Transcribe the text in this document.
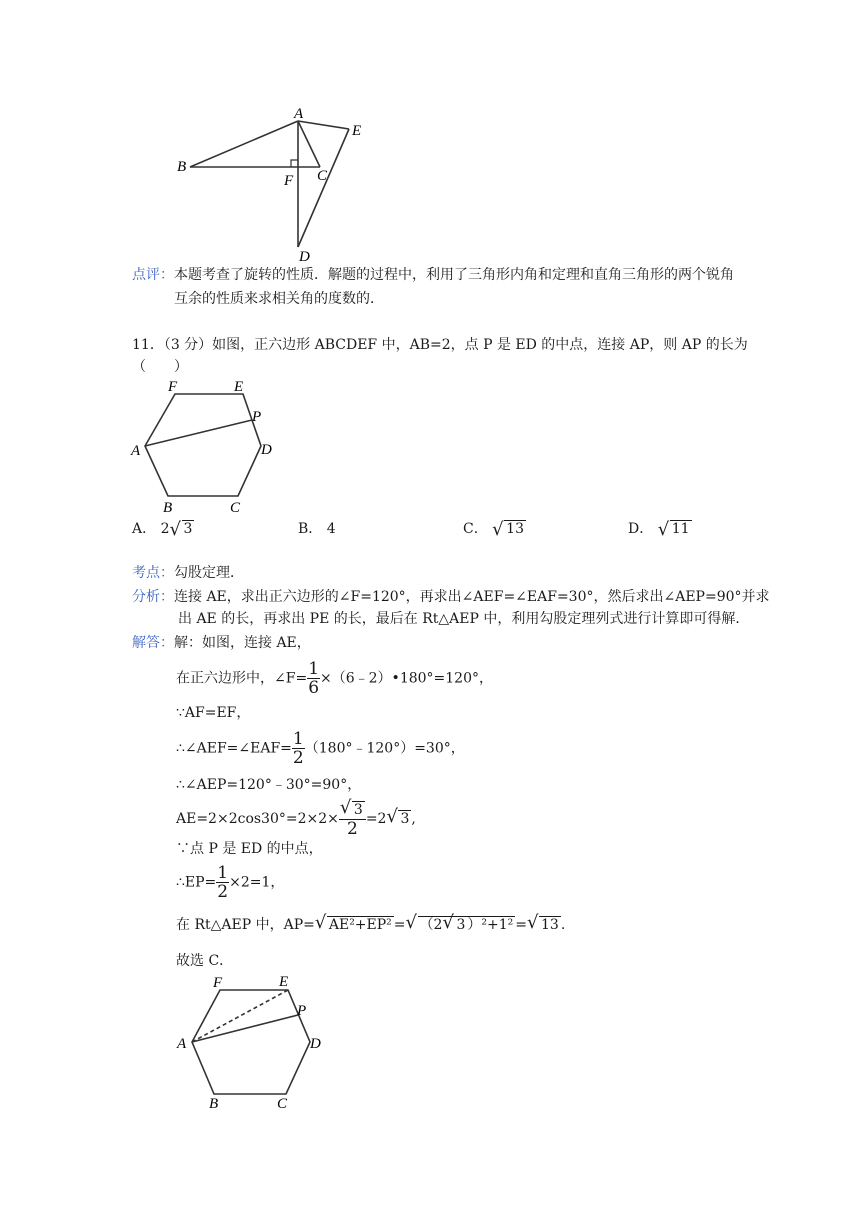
A
B
C
D
E
F
点评：本题考查了旋转的性质．解题的过程中，利用了三角形内角和定理和直角三角形的两个锐角
互余的性质来求相关角的度数的．
11．（3 分）如图，正六边形 ABCDEF 中，AB=2，点 P 是 ED 的中点，连接 AP，则 AP 的长为
（　　）
F	E
P
A	D
B	C
A． 2 √ 3	B． 4	C． √ 13	D． √ 11
考点：勾股定理．
分析：连接 AE，求出正六边形的∠F=120°，再求出∠AEF=∠EAF=30°，然后求出∠AEP=90°并求
出 AE 的长，再求出 PE 的长，最后在 Rt△AEP 中，利用勾股定理列式进行计算即可得解．
解答：解：如图，连接 AE，
在正六边形中，∠F= $\frac{1}{6}$ ×（6﹣2）•180°=120°，
∵AF=EF，
∴∠AEF=∠EAF= $\frac{1}{2}$ （180°﹣120°）=30°，
∴∠AEP=120°﹣30°=90°，
$AE=2\times 2\cos 30^\circ=2\times 2\times \frac{√ 3}{2} =2$ √ 3 ,
∵点 P 是 ED 的中点，
∴EP= $\frac{1}{2} \times 2=1$，
在 Rt△AEP 中，AP= √ AE²+EP² = √ （2 √ 3 ）²+1² = √ 13 .
故选 C．
F	E
P
A	D
B	C
